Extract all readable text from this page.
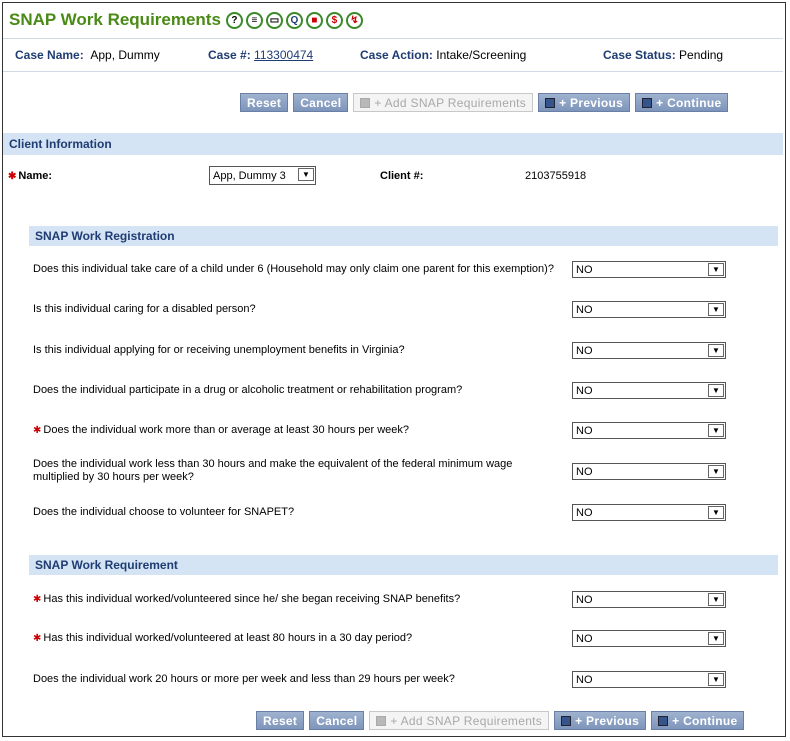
SNAP Work Requirements	?	≡	▭	Q	■	$	↯
Case Name: App, Dummy	Case #: 113300474	Case Action: Intake/Screening	Case Status: Pending
Reset	Cancel	+ Add SNAP Requirements	+ Previous	+ Continue
Client Information
✱ Name:	App, Dummy 3	▼	Client #:	2103755918
SNAP Work Registration
Does this individual take care of a child under 6 (Household may only claim one parent for this exemption)?	NO	▼
Is this individual caring for a disabled person?	NO	▼
Is this individual applying for or receiving unemployment benefits in Virginia?	NO	▼
Does the individual participate in a drug or alcoholic treatment or rehabilitation program?	NO	▼
✱ Does the individual work more than or average at least 30 hours per week?	NO	▼
Does the individual work less than 30 hours and make the equivalent of the federal minimum wage multiplied by 30 hours per week?	NO	▼
Does the individual choose to volunteer for SNAPET?	NO	▼
SNAP Work Requirement
✱ Has this individual worked/volunteered since he/ she began receiving SNAP benefits?	NO	▼
✱ Has this individual worked/volunteered at least 80 hours in a 30 day period?	NO	▼
Does the individual work 20 hours or more per week and less than 29 hours per week?	NO	▼
Reset	Cancel	+ Add SNAP Requirements	+ Previous	+ Continue
